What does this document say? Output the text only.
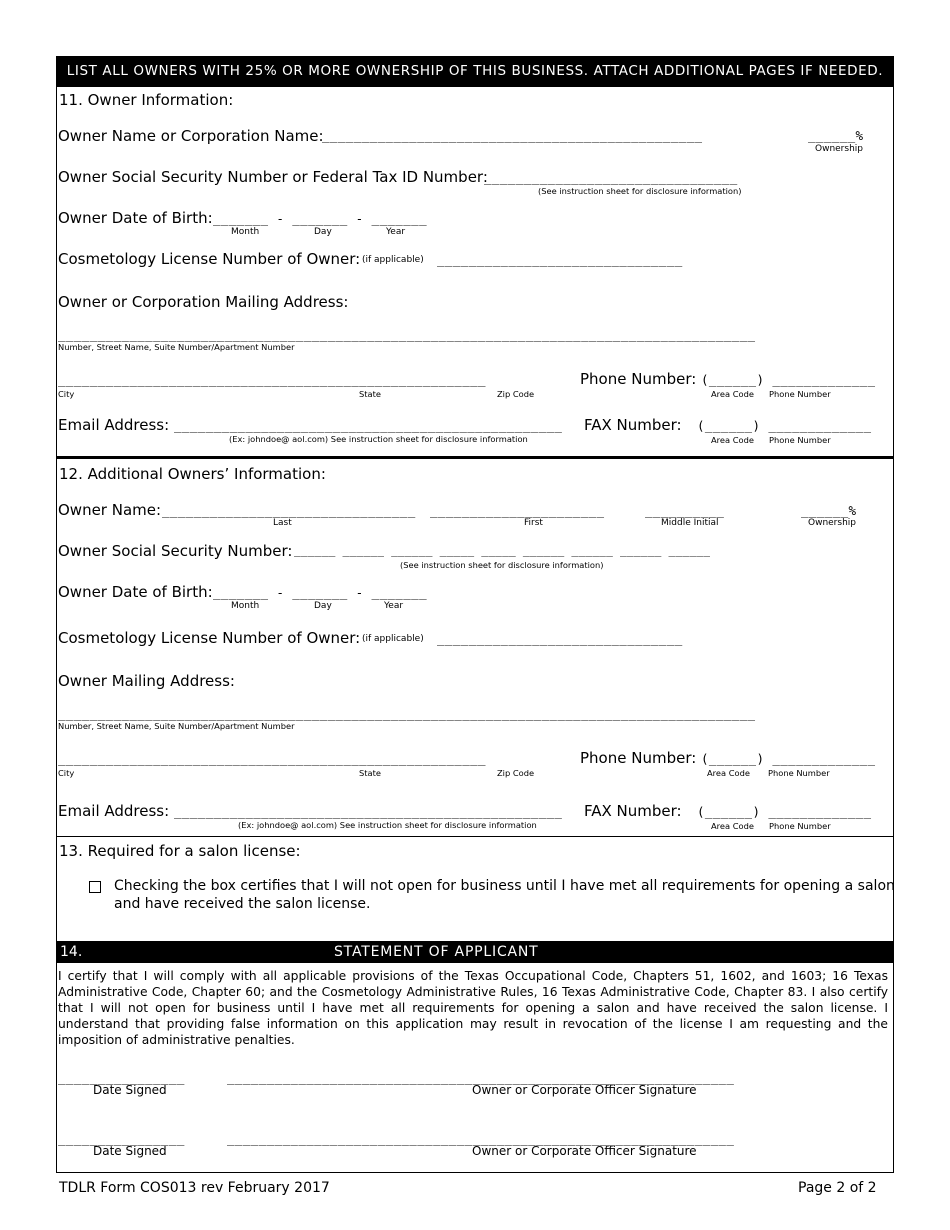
LIST ALL OWNERS WITH 25% OR MORE OWNERSHIP OF THIS BUSINESS. ATTACH ADDITIONAL PAGES IF NEEDED.
11. Owner Information:
Owner Name or Corporation Name:
________________________________________________	______%
Ownership
Owner Social Security Number or Federal Tax ID Number:
________________________________
(See instruction sheet for disclosure information)
Owner Date of Birth: _______ - _______ - _______
Month	Day	Year
Cosmetology License Number of Owner: (if applicable) _______________________________
Owner or Corporation Mailing Address:
________________________________________________________________________________________
Number, Street Name, Suite Number/Apartment Number
______________________________________________________	Phone Number: (______) _____________
City	State	Zip Code	Area Code Phone Number
Email Address: _________________________________________________ FAX Number: (______) _____________
(Ex: johndoe@ aol.com) See instruction sheet for disclosure information	Area Code Phone Number
12. Additional Owners’ Information:
Owner Name: ________________________________ ______________________	__________	______%
Last	First	Middle Initial	Ownership
Owner Social Security Number: ______ ______ ______ _____ _____ ______ ______ ______ ______
(See instruction sheet for disclosure information)
Owner Date of Birth: _______ - _______ - _______
Month	Day	Year
Cosmetology License Number of Owner: (if applicable) _______________________________
Owner Mailing Address:
________________________________________________________________________________________
Number, Street Name, Suite Number/Apartment Number
______________________________________________________	Phone Number: (______) _____________
City	State	Zip Code	Area Code Phone Number
Email Address: _________________________________________________ FAX Number: (______) _____________
(Ex: johndoe@ aol.com) See instruction sheet for disclosure information	Area Code Phone Number
13. Required for a salon license:
Checking the box certifies that I will not open for business until I have met all requirements for opening a salon
and have received the salon license.
14.	STATEMENT OF APPLICANT
I certify that I will comply with all applicable provisions of the Texas Occupational Code, Chapters 51, 1602, and 1603; 16 Texas Administrative Code, Chapter 60; and the Cosmetology Administrative Rules, 16 Texas Administrative Code, Chapter 83. I also certify that I will not open for business until I have met all requirements for opening a salon and have received the salon license. I understand that providing false information on this application may result in revocation of the license I am requesting and the imposition of administrative penalties.
________________	________________________________________________________________
Date Signed	Owner or Corporate Officer Signature
________________	________________________________________________________________
Date Signed	Owner or Corporate Officer Signature
TDLR Form COS013 rev February 2017	Page 2 of 2
